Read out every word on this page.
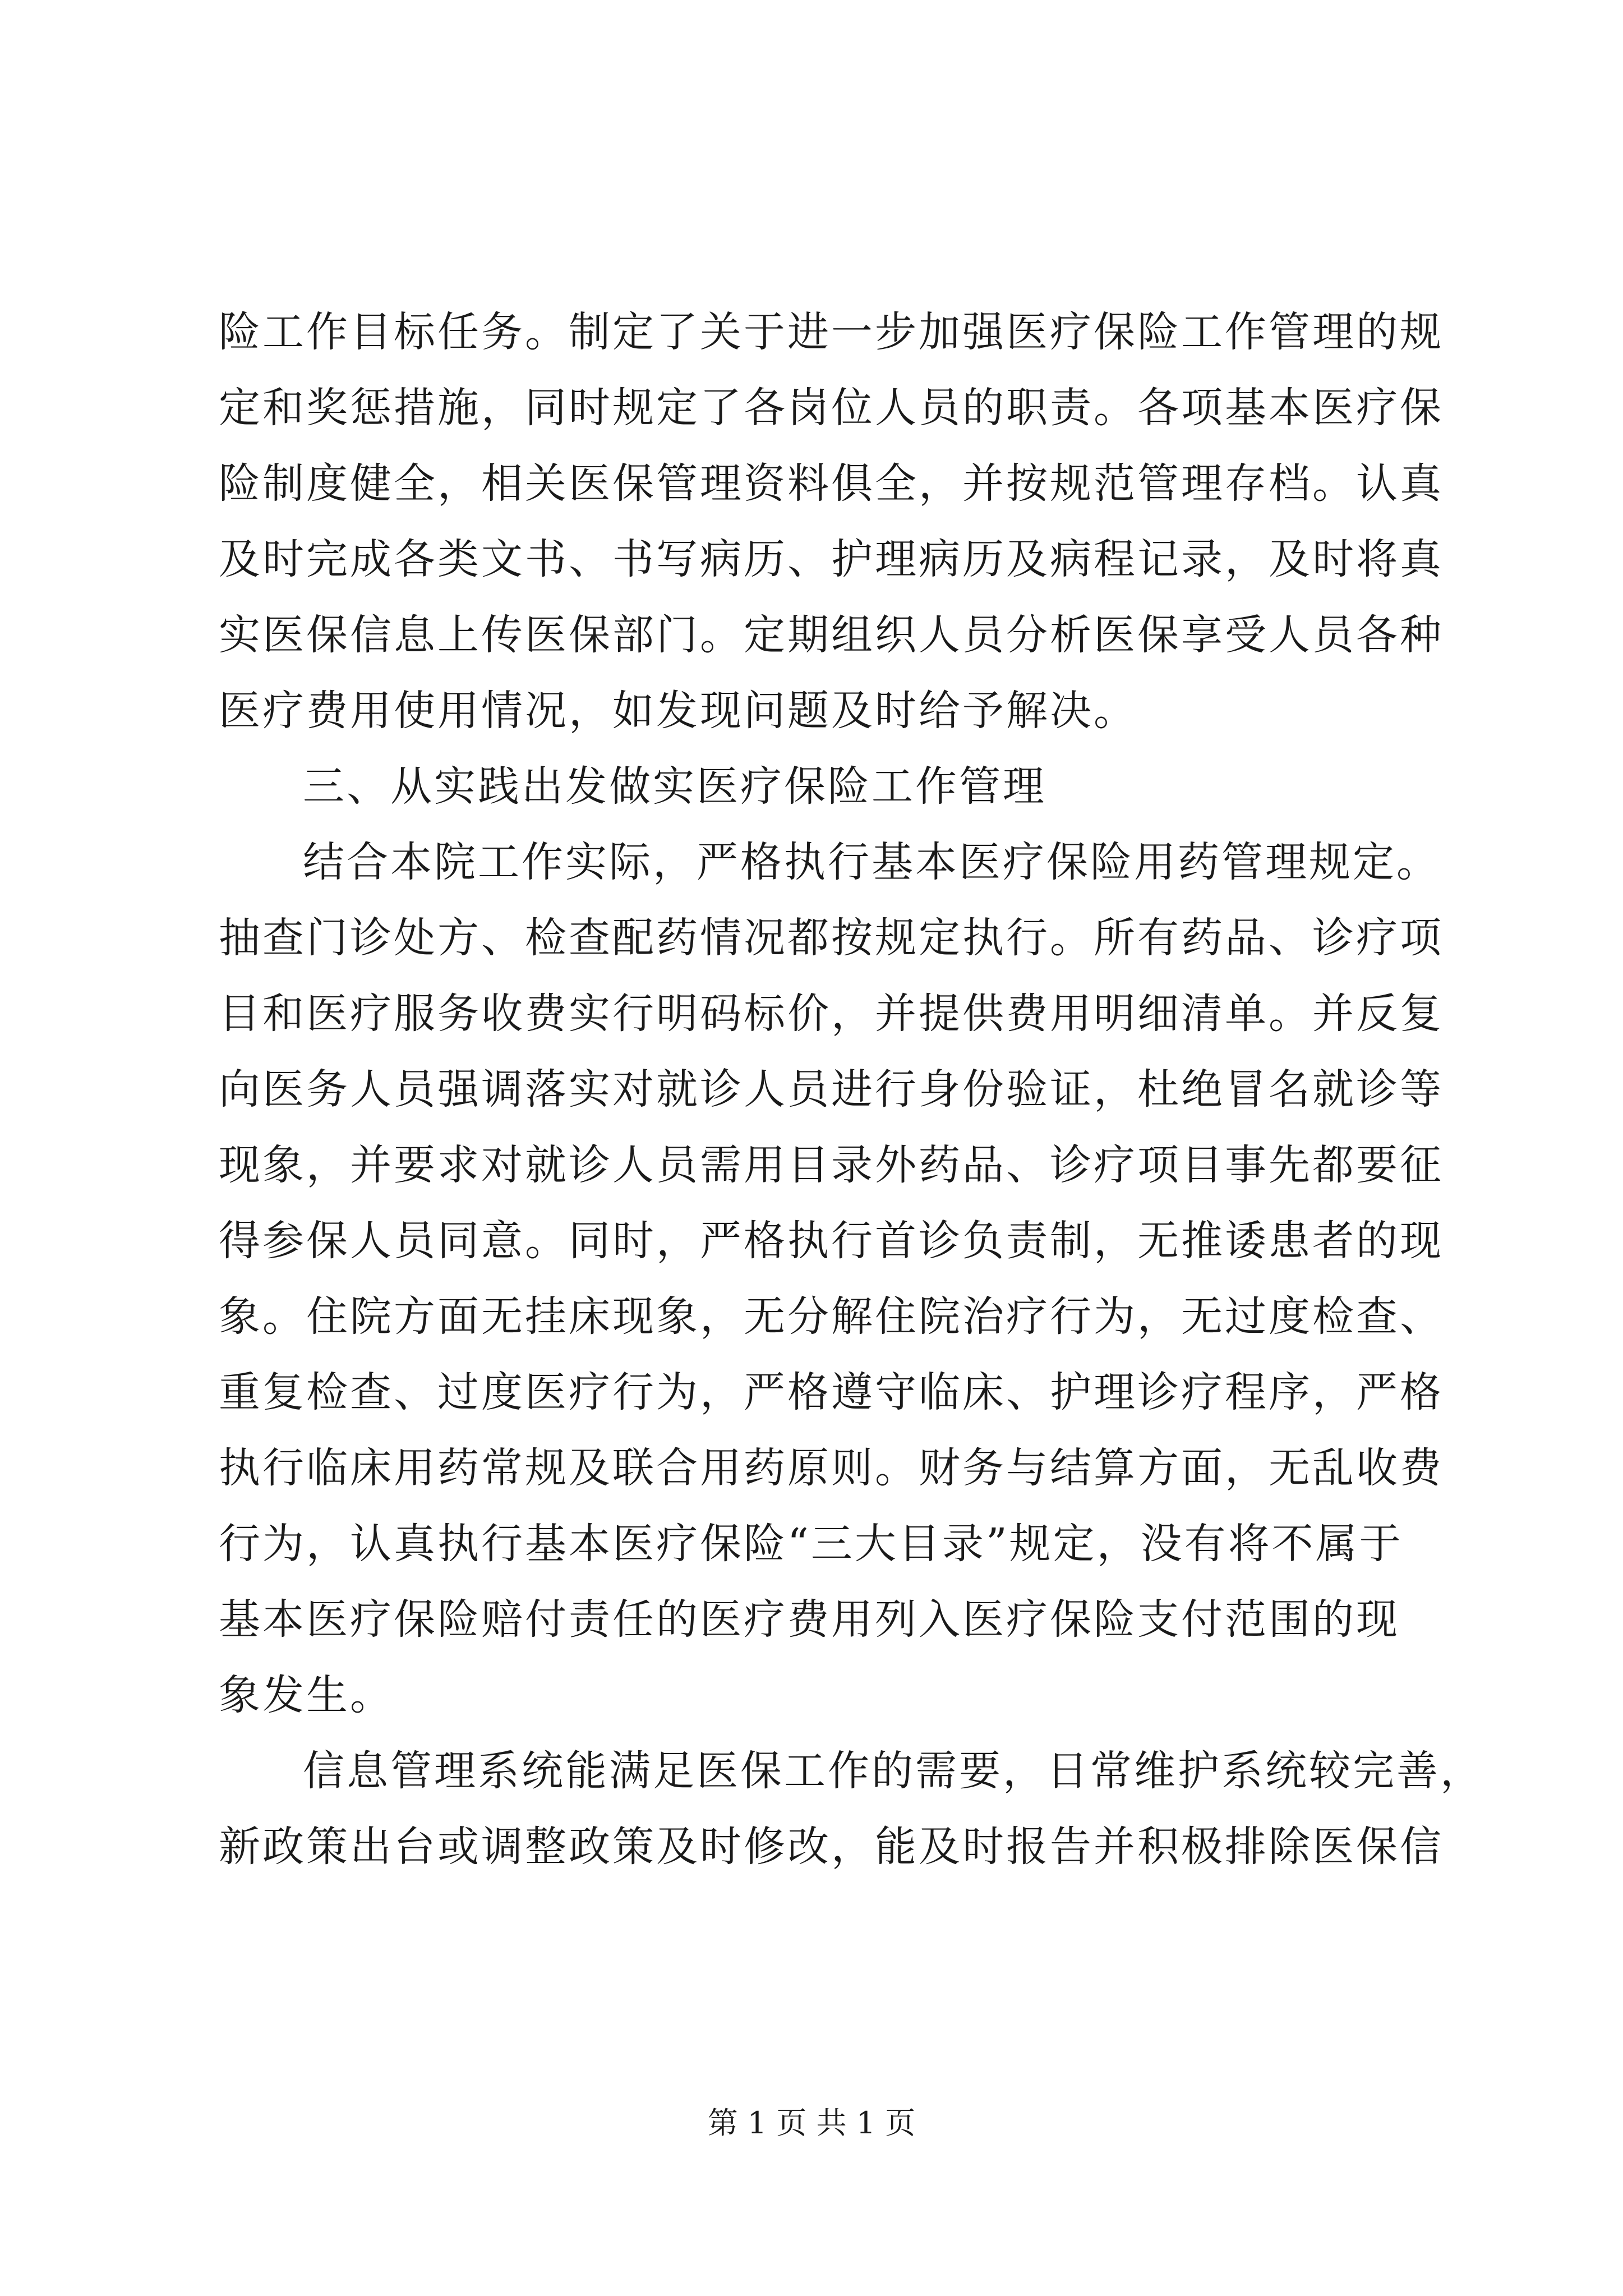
险工作目标任务。制定了关于进一步加强医疗保险工作管理的规
定和奖惩措施，同时规定了各岗位人员的职责。各项基本医疗保
险制度健全，相关医保管理资料俱全，并按规范管理存档。认真
及时完成各类文书、书写病历、护理病历及病程记录，及时将真
实医保信息上传医保部门。定期组织人员分析医保享受人员各种
医疗费用使用情况，如发现问题及时给予解决。
三、从实践出发做实医疗保险工作管理
结合本院工作实际，严格执行基本医疗保险用药管理规定。
抽查门诊处方、检查配药情况都按规定执行。所有药品、诊疗项
目和医疗服务收费实行明码标价，并提供费用明细清单。并反复
向医务人员强调落实对就诊人员进行身份验证，杜绝冒名就诊等
现象，并要求对就诊人员需用目录外药品、诊疗项目事先都要征
得参保人员同意。同时，严格执行首诊负责制，无推诿患者的现
象。住院方面无挂床现象，无分解住院治疗行为，无过度检查、
重复检查、过度医疗行为，严格遵守临床、护理诊疗程序，严格
执行临床用药常规及联合用药原则。财务与结算方面，无乱收费
行为，认真执行基本医疗保险“三大目录”规定，没有将不属于
基本医疗保险赔付责任的医疗费用列入医疗保险支付范围的现
象发生。
信息管理系统能满足医保工作的需要，日常维护系统较完善，
新政策出台或调整政策及时修改，能及时报告并积极排除医保信
第 1 页 共 1 页
